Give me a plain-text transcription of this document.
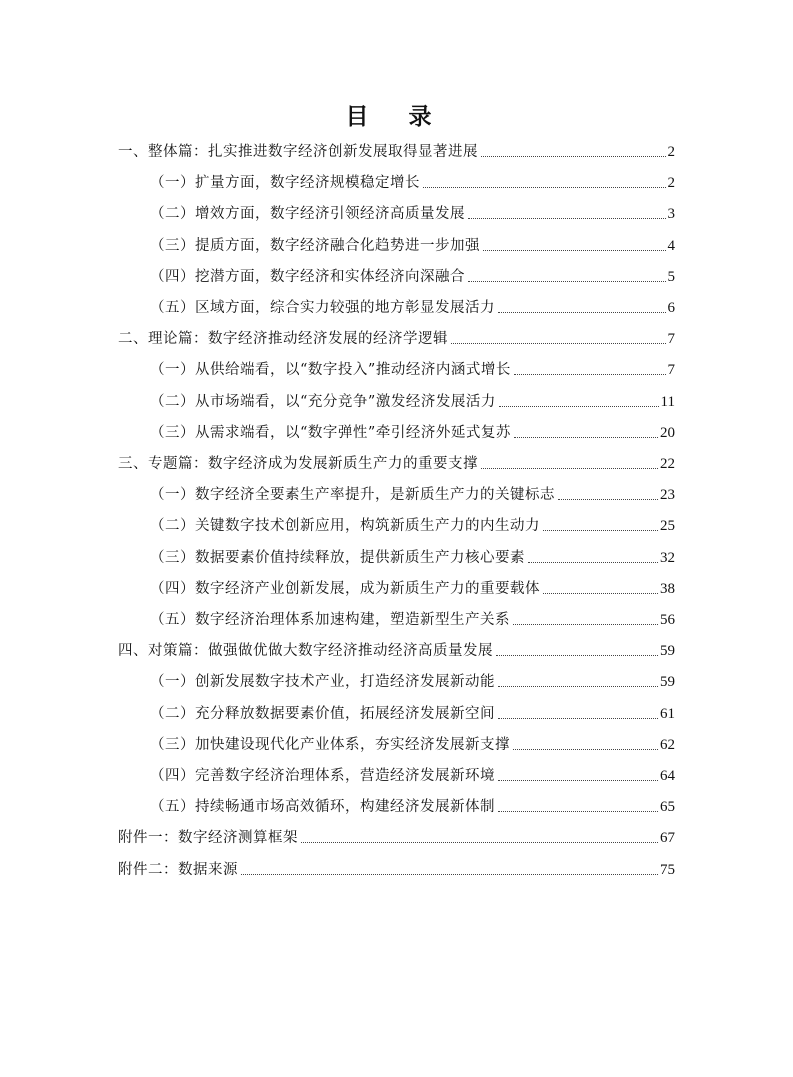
目 录
一、整体篇：扎实推进数字经济创新发展取得显著进展	2
（一）扩量方面，数字经济规模稳定增长	2
（二）增效方面，数字经济引领经济高质量发展	3
（三）提质方面，数字经济融合化趋势进一步加强	4
（四）挖潜方面，数字经济和实体经济向深融合	5
（五）区域方面，综合实力较强的地方彰显发展活力	6
二、理论篇：数字经济推动经济发展的经济学逻辑	7
（一）从供给端看，以“数字投入”推动经济内涵式增长	7
（二）从市场端看，以“充分竞争”激发经济发展活力	11
（三）从需求端看，以“数字弹性”牵引经济外延式复苏	20
三、专题篇：数字经济成为发展新质生产力的重要支撑	22
（一）数字经济全要素生产率提升，是新质生产力的关键标志	23
（二）关键数字技术创新应用，构筑新质生产力的内生动力	25
（三）数据要素价值持续释放，提供新质生产力核心要素	32
（四）数字经济产业创新发展，成为新质生产力的重要载体	38
（五）数字经济治理体系加速构建，塑造新型生产关系	56
四、对策篇：做强做优做大数字经济推动经济高质量发展	59
（一）创新发展数字技术产业，打造经济发展新动能	59
（二）充分释放数据要素价值，拓展经济发展新空间	61
（三）加快建设现代化产业体系，夯实经济发展新支撑	62
（四）完善数字经济治理体系，营造经济发展新环境	64
（五）持续畅通市场高效循环，构建经济发展新体制	65
附件一：数字经济测算框架	67
附件二：数据来源	75
